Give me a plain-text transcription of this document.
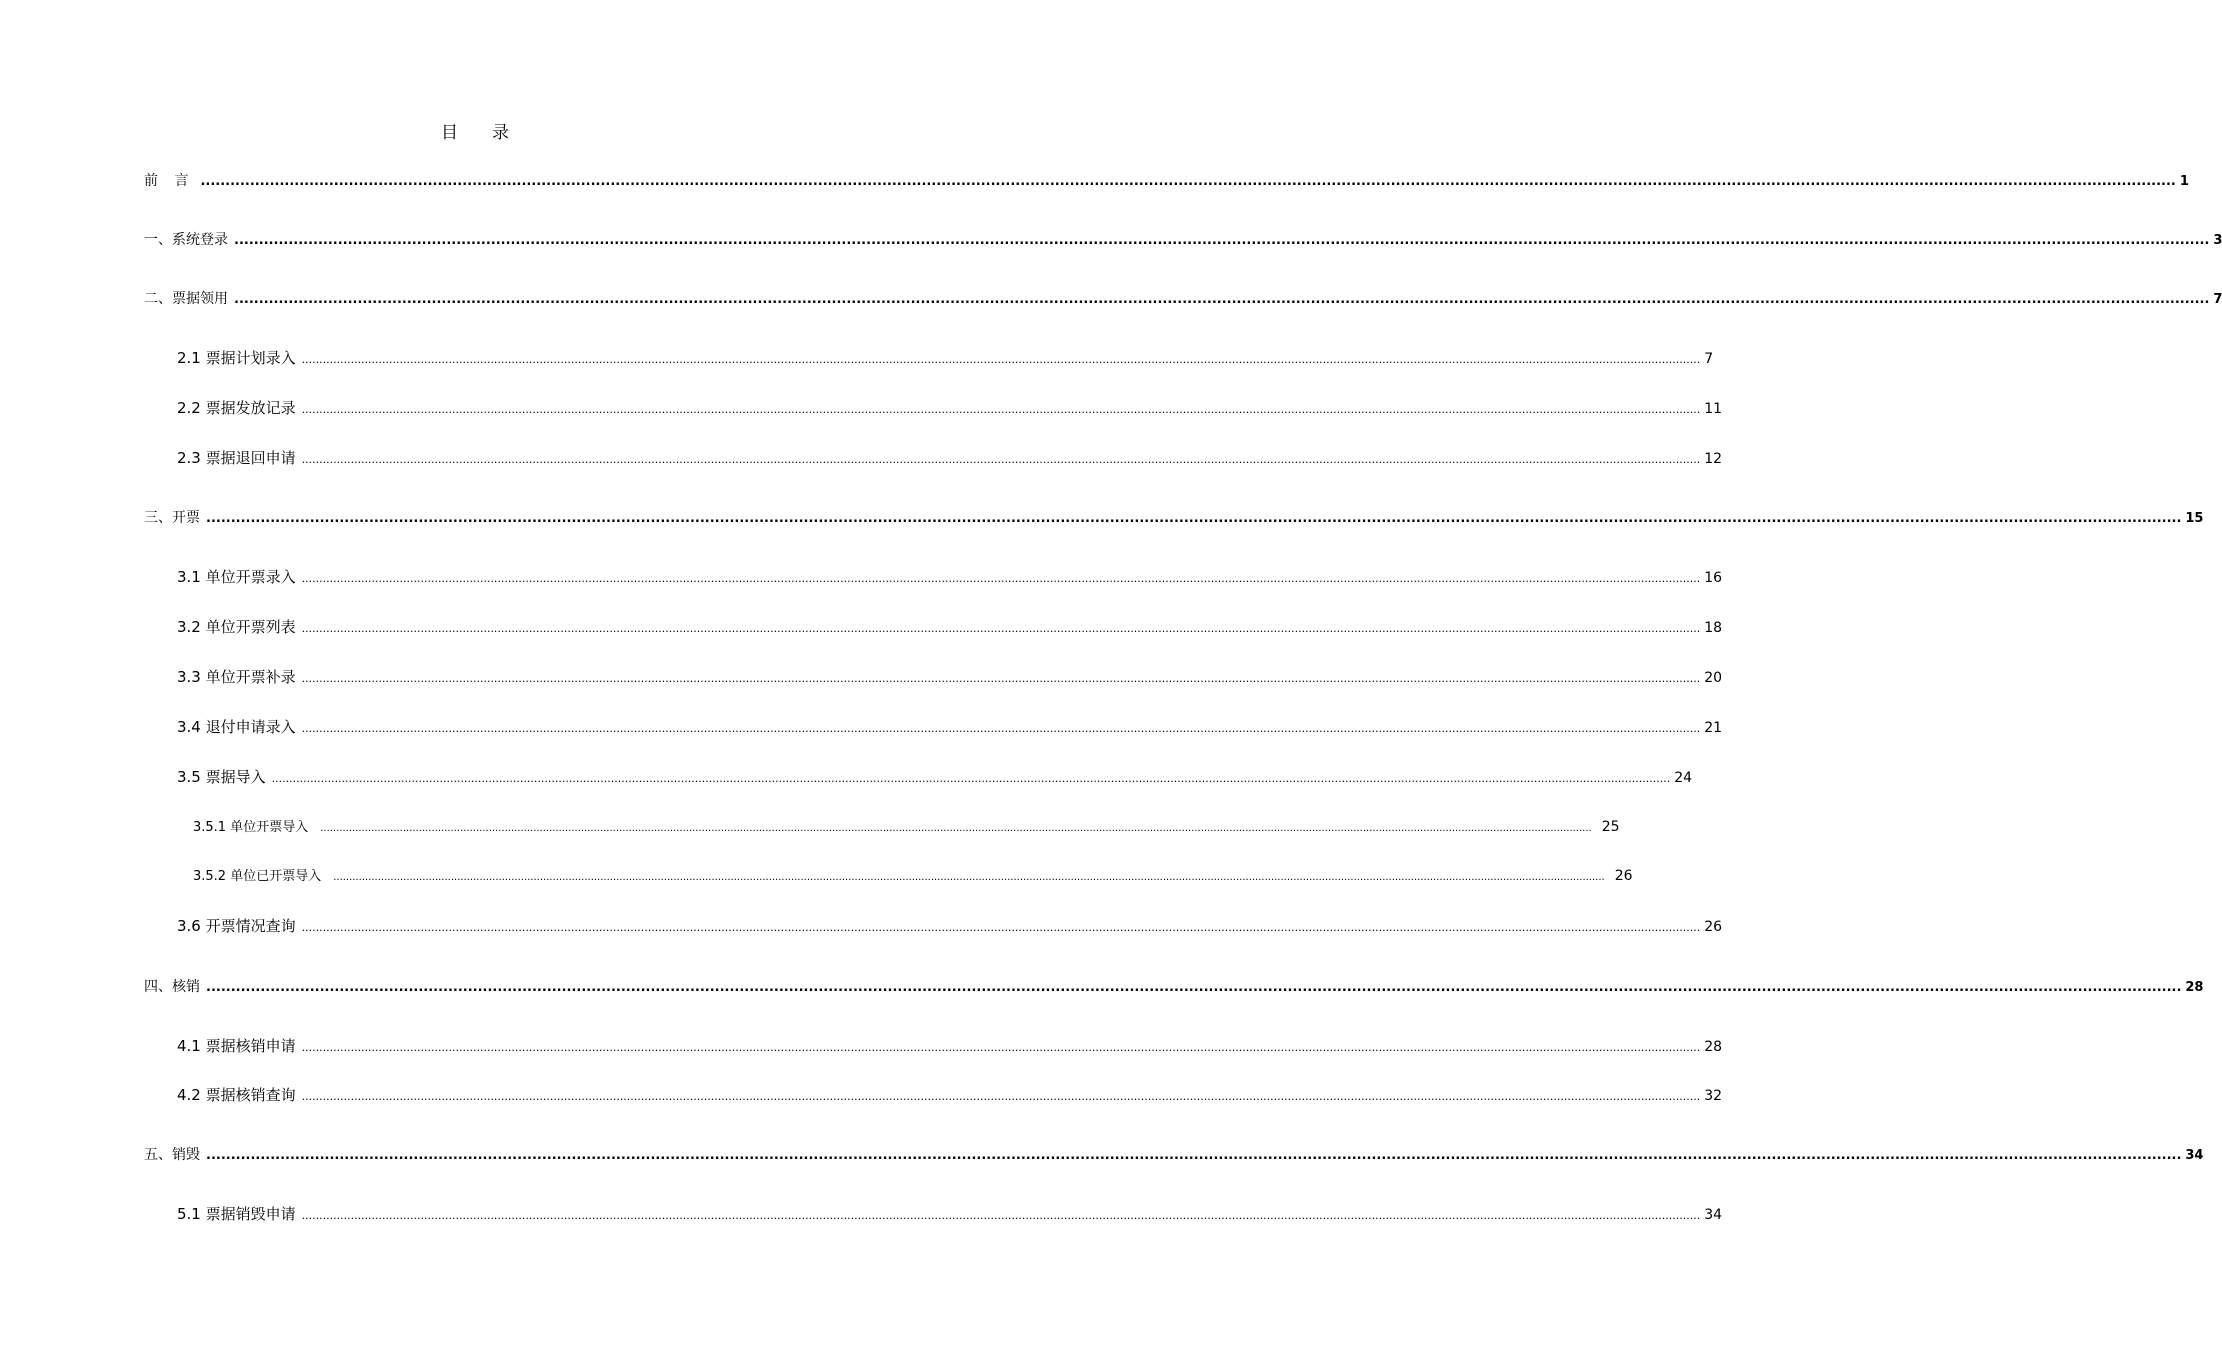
目 录
前 言 ................................................................................................................................................................................................................................................................................................................................................................................................................ 1
一、系统登录 ................................................................................................................................................................................................................................................................................................................................................................................................................ 3
二、票据领用 ................................................................................................................................................................................................................................................................................................................................................................................................................ 7
2.1 票据计划录入 ................................................................................................................................................................................................................................................................................................................................................................................................................ 7
2.2 票据发放记录 ................................................................................................................................................................................................................................................................................................................................................................................................................ 11
2.3 票据退回申请 ................................................................................................................................................................................................................................................................................................................................................................................................................ 12
三、开票 ................................................................................................................................................................................................................................................................................................................................................................................................................ 15
3.1 单位开票录入 ................................................................................................................................................................................................................................................................................................................................................................................................................ 16
3.2 单位开票列表 ................................................................................................................................................................................................................................................................................................................................................................................................................ 18
3.3 单位开票补录 ................................................................................................................................................................................................................................................................................................................................................................................................................ 20
3.4 退付申请录入 ................................................................................................................................................................................................................................................................................................................................................................................................................ 21
3.5 票据导入 ................................................................................................................................................................................................................................................................................................................................................................................................................ 24
3.5.1 单位开票导入 ................................................................................................................................................................................................................................................................................................................................................................................................................ 25
3.5.2 单位已开票导入 ................................................................................................................................................................................................................................................................................................................................................................................................................ 26
3.6 开票情况查询 ................................................................................................................................................................................................................................................................................................................................................................................................................ 26
四、核销 ................................................................................................................................................................................................................................................................................................................................................................................................................ 28
4.1 票据核销申请 ................................................................................................................................................................................................................................................................................................................................................................................................................ 28
4.2 票据核销查询 ................................................................................................................................................................................................................................................................................................................................................................................................................ 32
五、销毁 ................................................................................................................................................................................................................................................................................................................................................................................................................ 34
5.1 票据销毁申请 ................................................................................................................................................................................................................................................................................................................................................................................................................ 34
